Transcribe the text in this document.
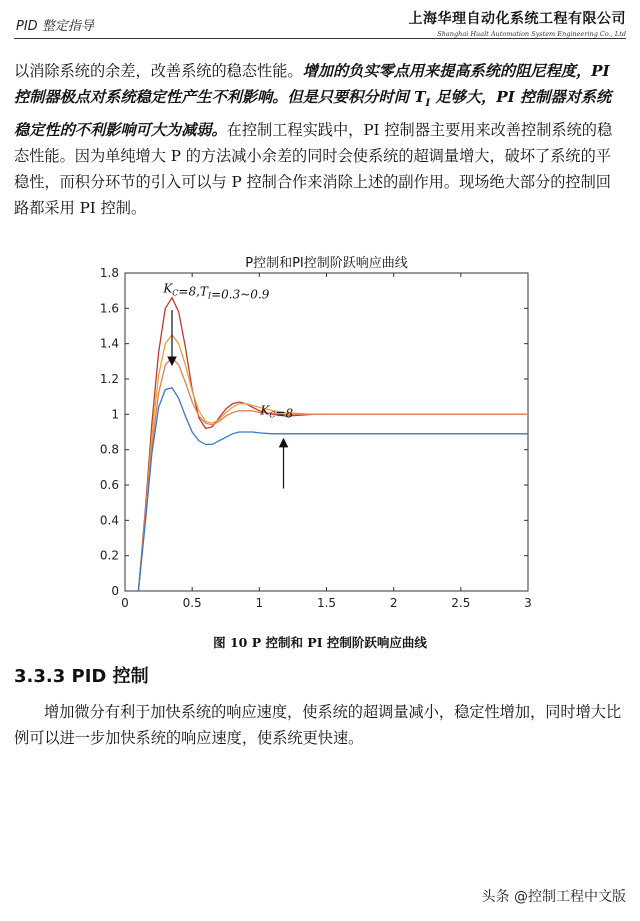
PID 整定指导	上海华理自动化系统工程有限公司
Shanghai Hualt Automation System Engineering Co., Ltd
以消除系统的余差，改善系统的稳态性能。增加的负实零点用来提高系统的阻尼程度，PI 控制器极点对系统稳定性产生不利影响。但是只要积分时间 $T_I$ 足够大，PI 控制器对系统稳定性的不利影响可大为减弱。在控制工程实践中，PI 控制器主要用来改善控制系统的稳态性能。因为单纯增大 P 的方法减小余差的同时会使系统的超调量增大，破坏了系统的平稳性，而积分环节的引入可以与 P 控制合作来消除上述的副作用。现场绝大部分的控制回路都采用 PI 控制。
P控制和PI控制阶跃响应曲线
0	0.5	1	1.5	2	2.5	3
0
0.2
0.4
0.6
0.8
1
1.2
1.4
1.6
1.8
$K_C=8,T_I=0.3\sim 0.9$
$K_C=8$
图 10 P 控制和 PI 控制阶跃响应曲线
3.3.3 PID 控制
增加微分有利于加快系统的响应速度，使系统的超调量减小，稳定性增加，同时增大比例可以进一步加快系统的响应速度，使系统更快速。
头条 @控制工程中文版
